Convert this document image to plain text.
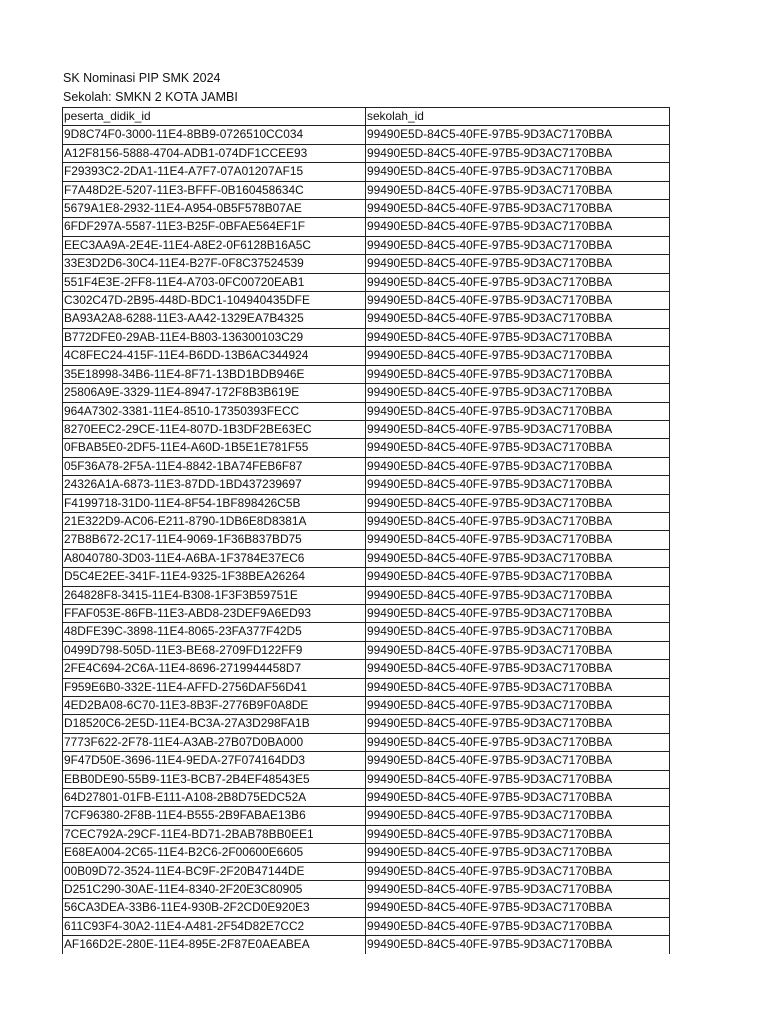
SK Nominasi PIP SMK 2024
Sekolah: SMKN 2 KOTA JAMBI
peserta_didik_id	sekolah_id
9D8C74F0-3000-11E4-8BB9-0726510CC034	99490E5D-84C5-40FE-97B5-9D3AC7170BBA
A12F8156-5888-4704-ADB1-074DF1CCEE93	99490E5D-84C5-40FE-97B5-9D3AC7170BBA
F29393C2-2DA1-11E4-A7F7-07A01207AF15	99490E5D-84C5-40FE-97B5-9D3AC7170BBA
F7A48D2E-5207-11E3-BFFF-0B160458634C	99490E5D-84C5-40FE-97B5-9D3AC7170BBA
5679A1E8-2932-11E4-A954-0B5F578B07AE	99490E5D-84C5-40FE-97B5-9D3AC7170BBA
6FDF297A-5587-11E3-B25F-0BFAE564EF1F	99490E5D-84C5-40FE-97B5-9D3AC7170BBA
EEC3AA9A-2E4E-11E4-A8E2-0F6128B16A5C	99490E5D-84C5-40FE-97B5-9D3AC7170BBA
33E3D2D6-30C4-11E4-B27F-0F8C37524539	99490E5D-84C5-40FE-97B5-9D3AC7170BBA
551F4E3E-2FF8-11E4-A703-0FC00720EAB1	99490E5D-84C5-40FE-97B5-9D3AC7170BBA
C302C47D-2B95-448D-BDC1-104940435DFE	99490E5D-84C5-40FE-97B5-9D3AC7170BBA
BA93A2A8-6288-11E3-AA42-1329EA7B4325	99490E5D-84C5-40FE-97B5-9D3AC7170BBA
B772DFE0-29AB-11E4-B803-136300103C29	99490E5D-84C5-40FE-97B5-9D3AC7170BBA
4C8FEC24-415F-11E4-B6DD-13B6AC344924	99490E5D-84C5-40FE-97B5-9D3AC7170BBA
35E18998-34B6-11E4-8F71-13BD1BDB946E	99490E5D-84C5-40FE-97B5-9D3AC7170BBA
25806A9E-3329-11E4-8947-172F8B3B619E	99490E5D-84C5-40FE-97B5-9D3AC7170BBA
964A7302-3381-11E4-8510-17350393FECC	99490E5D-84C5-40FE-97B5-9D3AC7170BBA
8270EEC2-29CE-11E4-807D-1B3DF2BE63EC	99490E5D-84C5-40FE-97B5-9D3AC7170BBA
0FBAB5E0-2DF5-11E4-A60D-1B5E1E781F55	99490E5D-84C5-40FE-97B5-9D3AC7170BBA
05F36A78-2F5A-11E4-8842-1BA74FEB6F87	99490E5D-84C5-40FE-97B5-9D3AC7170BBA
24326A1A-6873-11E3-87DD-1BD437239697	99490E5D-84C5-40FE-97B5-9D3AC7170BBA
F4199718-31D0-11E4-8F54-1BF898426C5B	99490E5D-84C5-40FE-97B5-9D3AC7170BBA
21E322D9-AC06-E211-8790-1DB6E8D8381A	99490E5D-84C5-40FE-97B5-9D3AC7170BBA
27B8B672-2C17-11E4-9069-1F36B837BD75	99490E5D-84C5-40FE-97B5-9D3AC7170BBA
A8040780-3D03-11E4-A6BA-1F3784E37EC6	99490E5D-84C5-40FE-97B5-9D3AC7170BBA
D5C4E2EE-341F-11E4-9325-1F38BEA26264	99490E5D-84C5-40FE-97B5-9D3AC7170BBA
264828F8-3415-11E4-B308-1F3F3B59751E	99490E5D-84C5-40FE-97B5-9D3AC7170BBA
FFAF053E-86FB-11E3-ABD8-23DEF9A6ED93	99490E5D-84C5-40FE-97B5-9D3AC7170BBA
48DFE39C-3898-11E4-8065-23FA377F42D5	99490E5D-84C5-40FE-97B5-9D3AC7170BBA
0499D798-505D-11E3-BE68-2709FD122FF9	99490E5D-84C5-40FE-97B5-9D3AC7170BBA
2FE4C694-2C6A-11E4-8696-2719944458D7	99490E5D-84C5-40FE-97B5-9D3AC7170BBA
F959E6B0-332E-11E4-AFFD-2756DAF56D41	99490E5D-84C5-40FE-97B5-9D3AC7170BBA
4ED2BA08-6C70-11E3-8B3F-2776B9F0A8DE	99490E5D-84C5-40FE-97B5-9D3AC7170BBA
D18520C6-2E5D-11E4-BC3A-27A3D298FA1B	99490E5D-84C5-40FE-97B5-9D3AC7170BBA
7773F622-2F78-11E4-A3AB-27B07D0BA000	99490E5D-84C5-40FE-97B5-9D3AC7170BBA
9F47D50E-3696-11E4-9EDA-27F074164DD3	99490E5D-84C5-40FE-97B5-9D3AC7170BBA
EBB0DE90-55B9-11E3-BCB7-2B4EF48543E5	99490E5D-84C5-40FE-97B5-9D3AC7170BBA
64D27801-01FB-E111-A108-2B8D75EDC52A	99490E5D-84C5-40FE-97B5-9D3AC7170BBA
7CF96380-2F8B-11E4-B555-2B9FABAE13B6	99490E5D-84C5-40FE-97B5-9D3AC7170BBA
7CEC792A-29CF-11E4-BD71-2BAB78BB0EE1	99490E5D-84C5-40FE-97B5-9D3AC7170BBA
E68EA004-2C65-11E4-B2C6-2F00600E6605	99490E5D-84C5-40FE-97B5-9D3AC7170BBA
00B09D72-3524-11E4-BC9F-2F20B47144DE	99490E5D-84C5-40FE-97B5-9D3AC7170BBA
D251C290-30AE-11E4-8340-2F20E3C80905	99490E5D-84C5-40FE-97B5-9D3AC7170BBA
56CA3DEA-33B6-11E4-930B-2F2CD0E920E3	99490E5D-84C5-40FE-97B5-9D3AC7170BBA
611C93F4-30A2-11E4-A481-2F54D82E7CC2	99490E5D-84C5-40FE-97B5-9D3AC7170BBA
AF166D2E-280E-11E4-895E-2F87E0AEABEA	99490E5D-84C5-40FE-97B5-9D3AC7170BBA
